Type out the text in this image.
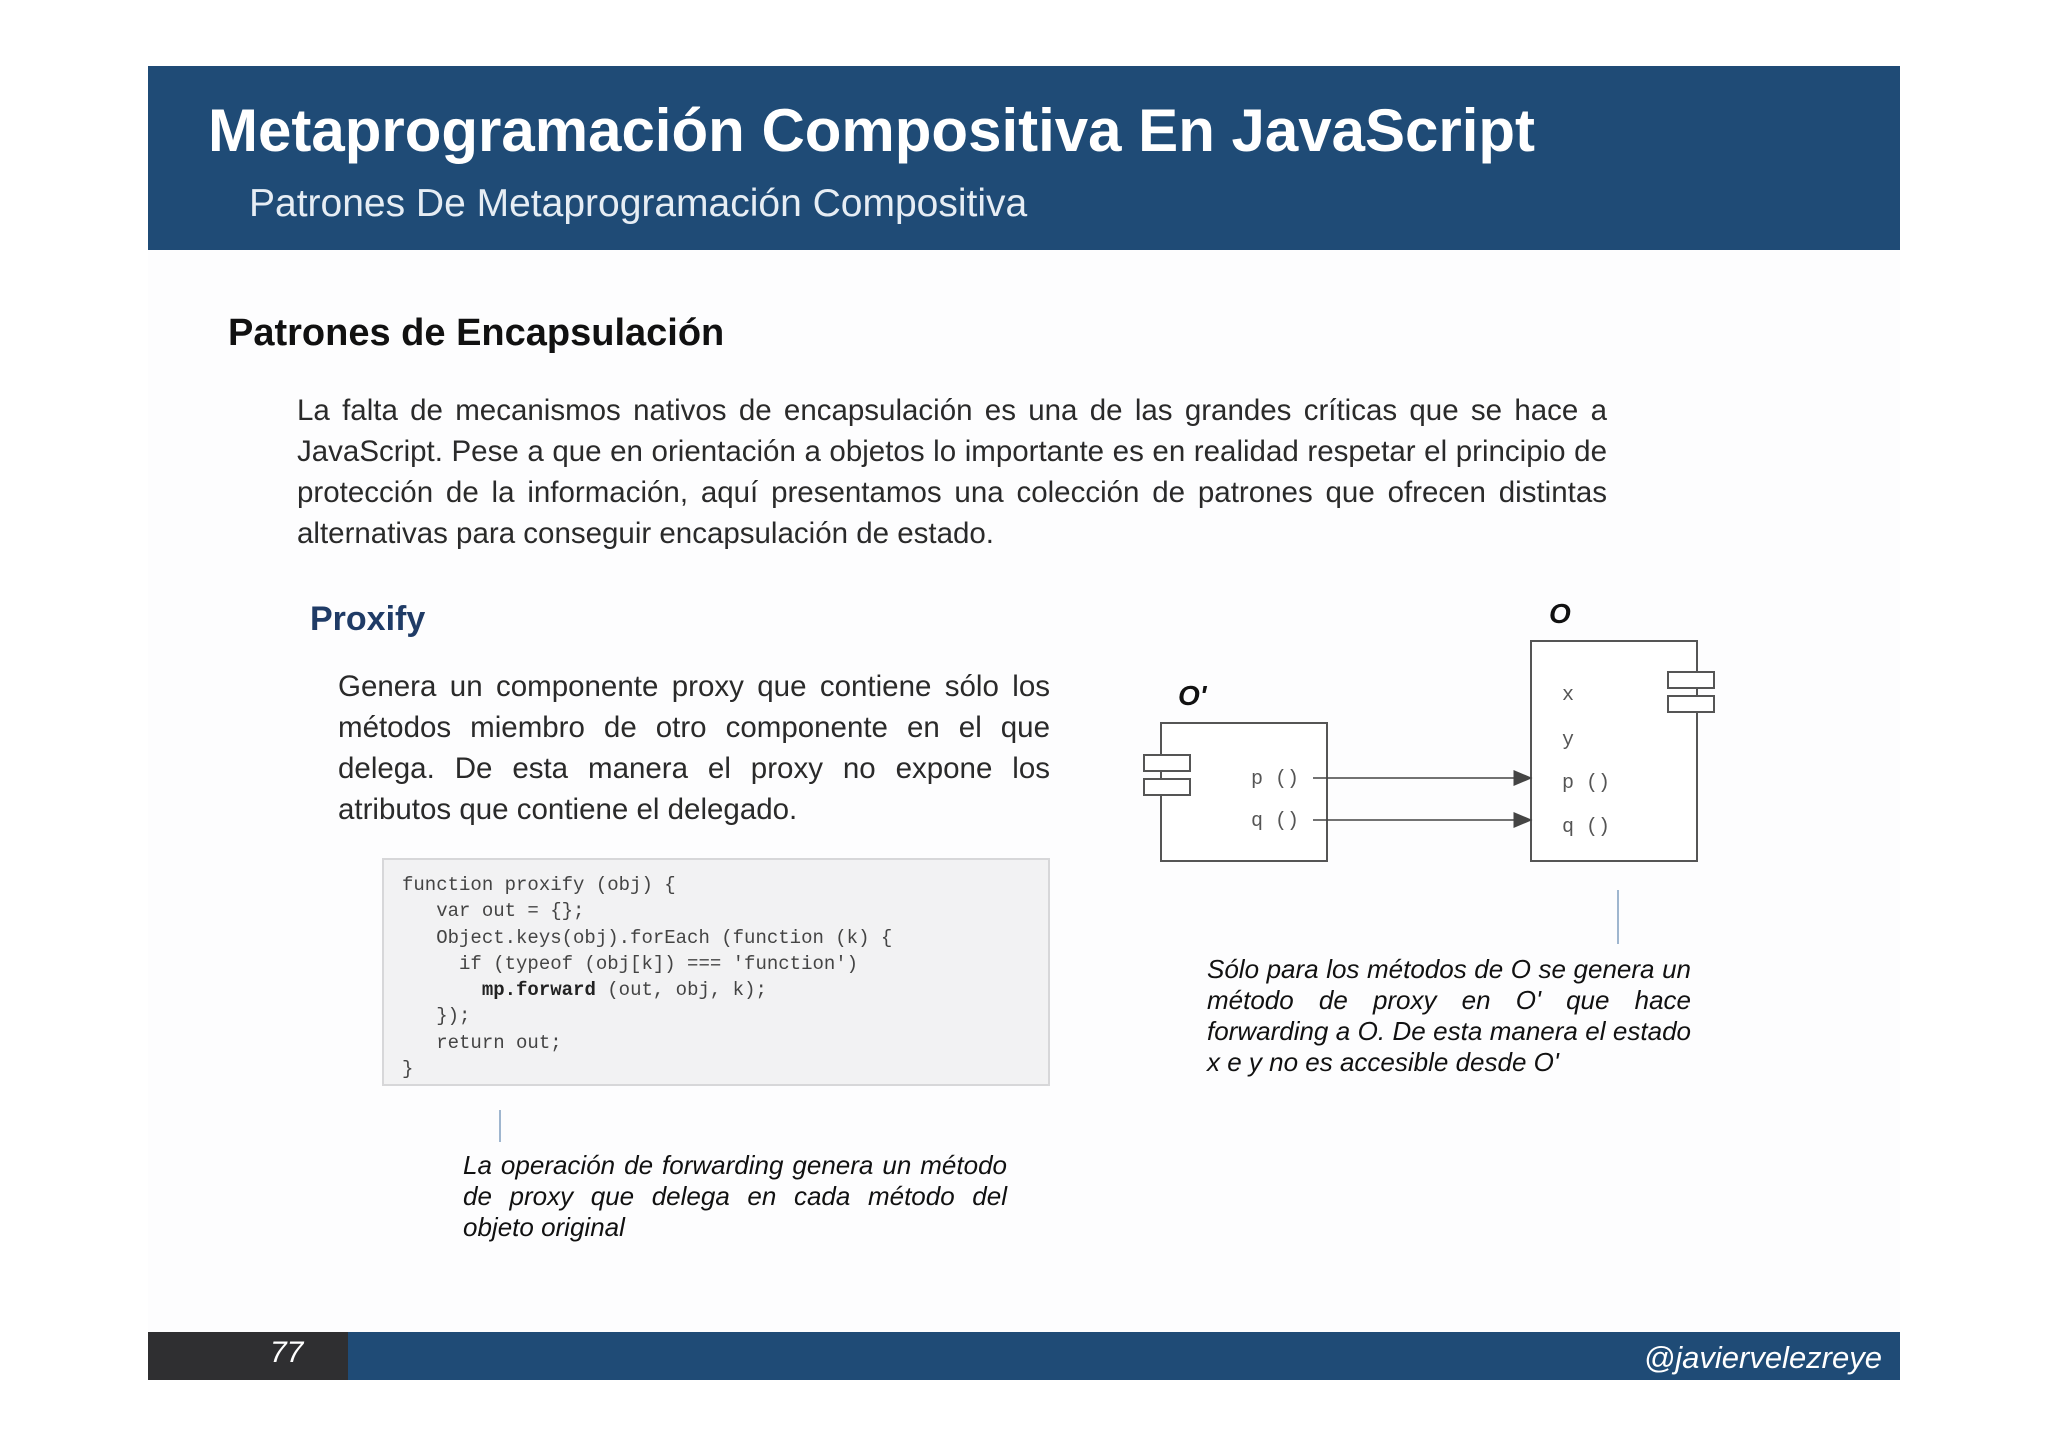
Metaprogramación Compositiva En JavaScript
Patrones De Metaprogramación Compositiva
Patrones de Encapsulación
La falta de mecanismos nativos de encapsulación es una de las grandes críticas que se hace a JavaScript. Pese a que en orientación a objetos lo importante es en realidad respetar el principio de protección de la información, aquí presentamos una colección de patrones que ofrecen distintas alternativas para conseguir encapsulación de estado.
Proxify
Genera un componente proxy que contiene sólo los métodos miembro de otro componente en el que delega. De esta manera el proxy no expone los atributos que contiene el delegado.
function proxify (obj) {
var out = {};
Object.keys(obj).forEach (function (k) {
if (typeof (obj[k]) === 'function')
mp.forward (out, obj, k);
});
return out;
}
La operación de forwarding genera un método de proxy que delega en cada método del objeto original
O'
p ()
q ()
O
x
y
p ()
q ()
Sólo para los métodos de O se genera un método de proxy en O' que hace forwarding a O. De esta manera el estado x e y no es accesible desde O'
77	@javiervelezreye
